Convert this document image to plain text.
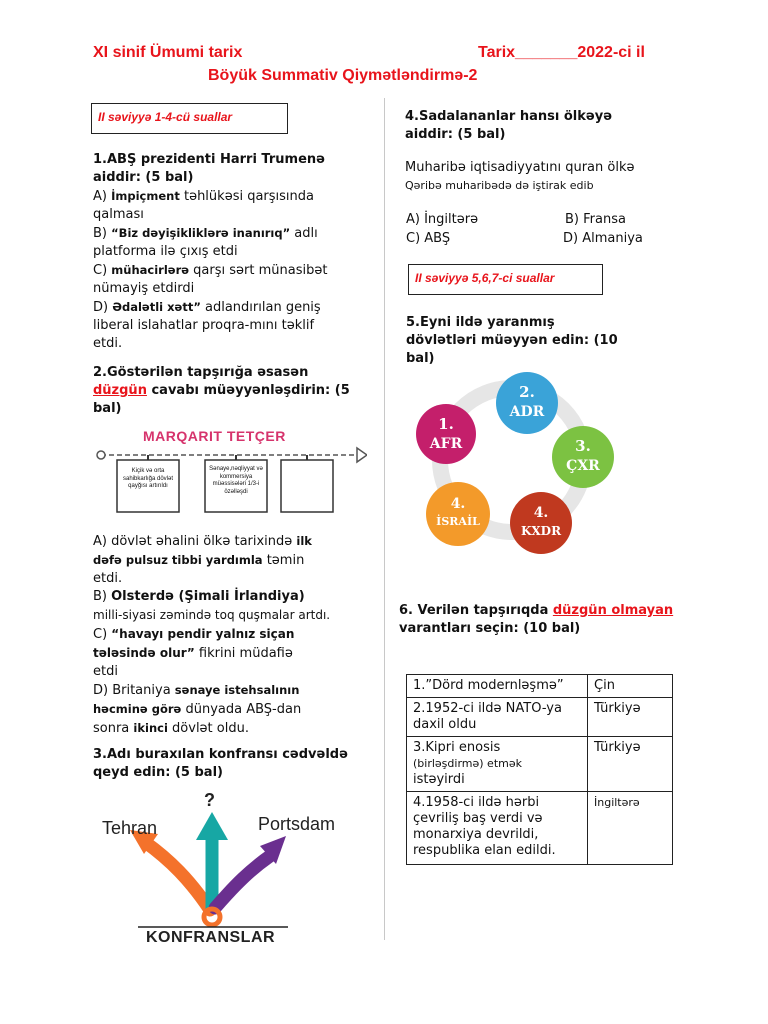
XI sinif Ümumi tarix	Tarix_______2022-ci il
Böyük Summativ Qiymətləndirmə-2
II səviyyə 1-4-cü suallar
1.ABŞ prezidenti Harri Trumenə
aiddir: (5 bal)
A) İmpiçment təhlükəsi qarşısında
qalması
B) “Biz dəyişikliklərə inanırıq” adlı
platforma ilə çıxış etdi
C) mühacirlərə qarşı sərt münasibət
nümayiş etdirdi
D) Ədalətli xətt” adlandırılan geniş
liberal islahatlar proqra-mını təklif
etdi.
2.Göstərilən tapşırığa əsasən
düzgün cavabı müəyyənləşdirin: (5
bal)
MARQARIT TETÇER
Kiçik və orta sahibkarlığa dövlət qayğısı artırıldı
Sənaye,nəqliyyat və kommersiya müəssisələri 1/3-i özəlləşdi
A) dövlət əhalini ölkə tarixində ilk
dəfə pulsuz tibbi yardımla təmin
etdi.
B) Olsterdə (Şimali İrlandiya)
milli-siyasi zəmində toq quşmalar artdı.
C) “havayı pendir yalnız siçan
tələsində olur” fikrini müdafiə
etdi
D) Britaniya sənaye istehsalının
həcminə görə dünyada ABŞ-dan
sonra ikinci dövlət oldu.
3.Adı buraxılan konfransı cədvəldə
qeyd edin: (5 bal)
Tehran	Portsdam
?
KONFRANSLAR
4.Sadalananlar hansı ölkəyə
aiddir: (5 bal)
Muharibə iqtisadiyyatını quran ölkə
Qəribə muharibədə də iştirak edib
A) İngiltərə	B) Fransa
C) ABŞ	D) Almaniya
II səviyyə 5,6,7-ci suallar
5.Eyni ildə yaranmış
dövlətləri müəyyən edin: (10
bal)
1.
AFR
2.
ADR
3.
ÇXR
4.
KXDR
4.
İSRAİL
6. Verilən tapşırıqda düzgün olmayan
varantları seçin: (10 bal)
1.”Dörd modernləşmə”	Çin
2.1952-ci ildə NATO-ya daxil oldu	Türkiyə
3.Kipri enosis
(birləşdirmə) etmək
istəyirdi	Türkiyə
4.1958-ci ildə hərbi çevriliş baş verdi və monarxiya devrildi, respublika elan edildi.	İngiltərə
